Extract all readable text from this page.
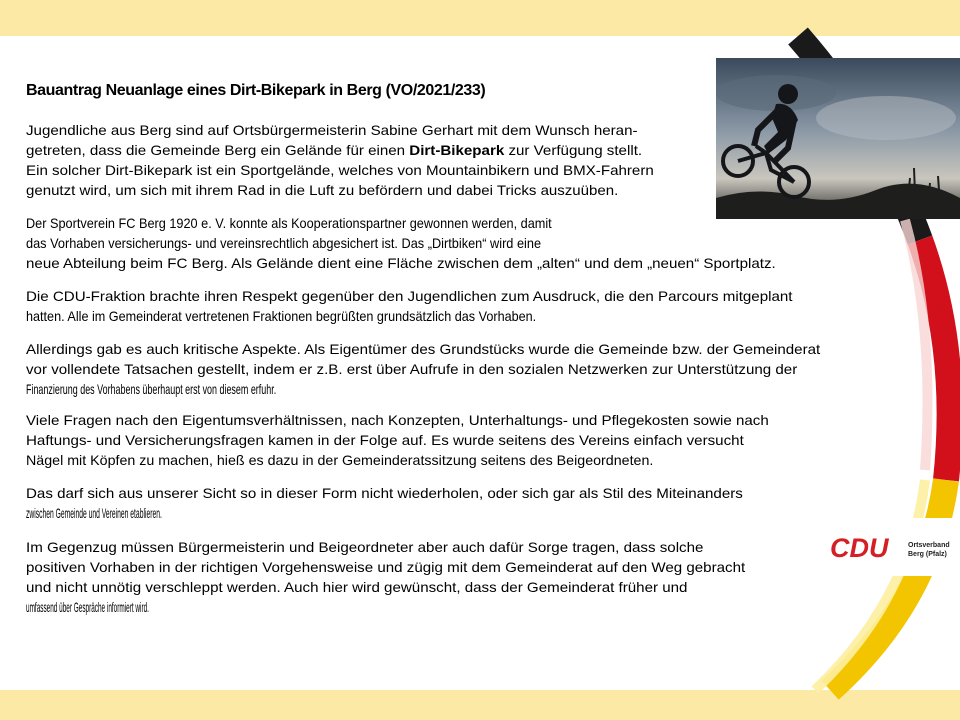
CDU	Ortsverband
Berg (Pfalz)
Bauantrag Neuanlage eines Dirt-Bikepark in Berg (VO/2021/233)
Jugendliche aus Berg sind auf Ortsbürgermeisterin Sabine Gerhart mit dem Wunsch heran-
getreten, dass die Gemeinde Berg ein Gelände für einen Dirt-Bikepark zur Verfügung stellt.
Ein solcher Dirt-Bikepark ist ein Sportgelände, welches von Mountainbikern und BMX-Fahrern
genutzt wird, um sich mit ihrem Rad in die Luft zu befördern und dabei Tricks auszuüben.
Der Sportverein FC Berg 1920 e. V. konnte als Kooperationspartner gewonnen werden, damit
das Vorhaben versicherungs- und vereinsrechtlich abgesichert ist. Das „Dirtbiken“ wird eine
neue Abteilung beim FC Berg. Als Gelände dient eine Fläche zwischen dem „alten“ und dem „neuen“ Sportplatz.
Die CDU-Fraktion brachte ihren Respekt gegenüber den Jugendlichen zum Ausdruck, die den Parcours mitgeplant
hatten. Alle im Gemeinderat vertretenen Fraktionen begrüßten grundsätzlich das Vorhaben.
Allerdings gab es auch kritische Aspekte. Als Eigentümer des Grundstücks wurde die Gemeinde bzw. der Gemeinderat
vor vollendete Tatsachen gestellt, indem er z.B. erst über Aufrufe in den sozialen Netzwerken zur Unterstützung der
Finanzierung des Vorhabens überhaupt erst von diesem erfuhr.
Viele Fragen nach den Eigentumsverhältnissen, nach Konzepten, Unterhaltungs- und Pflegekosten sowie nach
Haftungs- und Versicherungsfragen kamen in der Folge auf. Es wurde seitens des Vereins einfach versucht
Nägel mit Köpfen zu machen, hieß es dazu in der Gemeinderatssitzung seitens des Beigeordneten.
Das darf sich aus unserer Sicht so in dieser Form nicht wiederholen, oder sich gar als Stil des Miteinanders
zwischen Gemeinde und Vereinen etablieren.
Im Gegenzug müssen Bürgermeisterin und Beigeordneter aber auch dafür Sorge tragen, dass solche
positiven Vorhaben in der richtigen Vorgehensweise und zügig mit dem Gemeinderat auf den Weg gebracht
und nicht unnötig verschleppt werden. Auch hier wird gewünscht, dass der Gemeinderat früher und
umfassend über Gespräche informiert wird.
